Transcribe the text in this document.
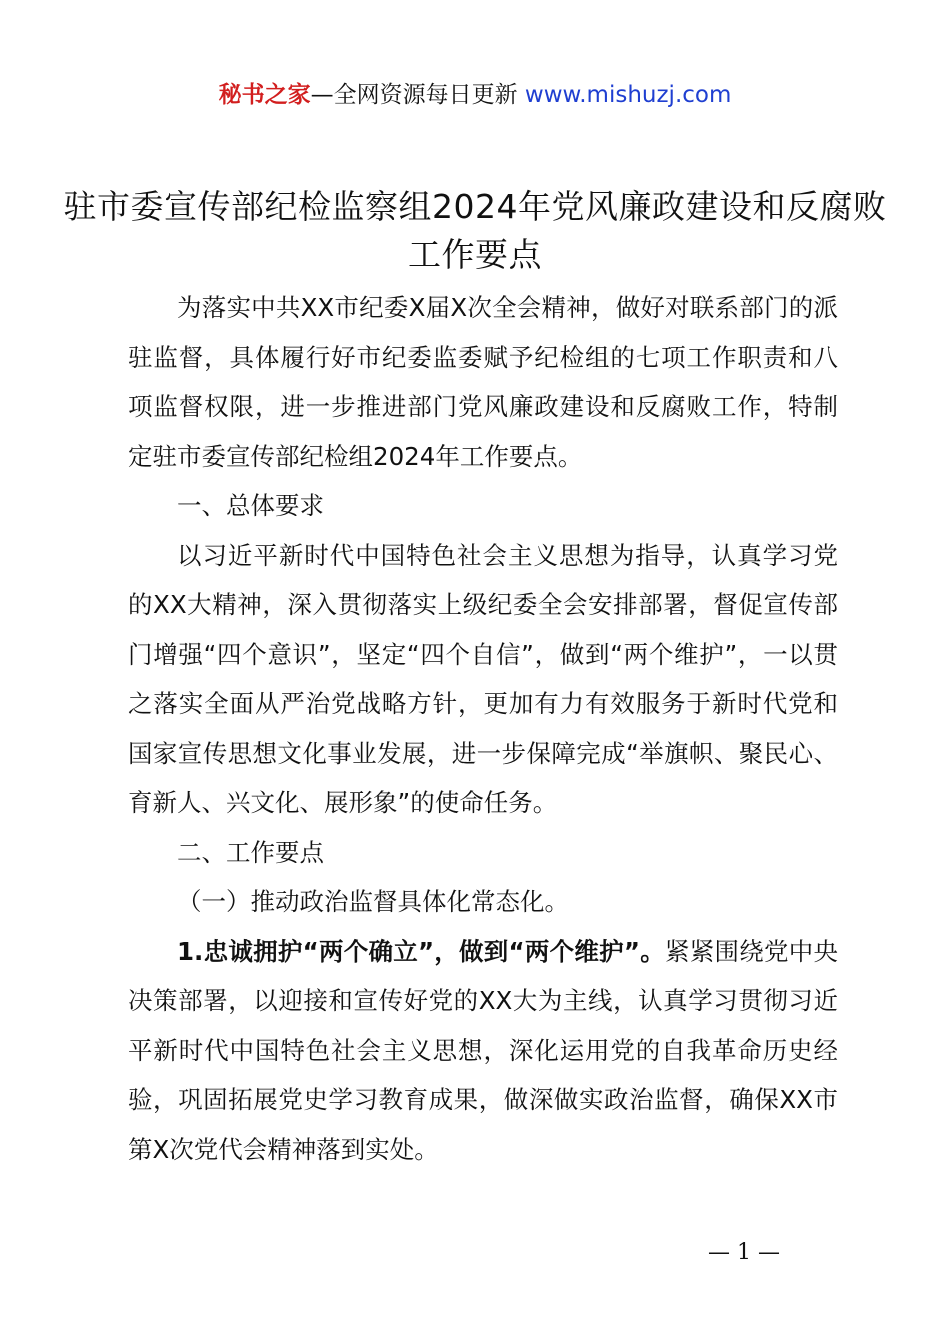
秘书之家—全网资源每日更新 www.mishuzj.com
驻市委宣传部纪检监察组2024年党风廉政建设和反腐败工作要点

为落实中共XX市纪委X届X次全会精神，做好对联系部门的派驻监督，具体履行好市纪委监委赋予纪检组的七项工作职责和八项监督权限，进一步推进部门党风廉政建设和反腐败工作，特制定驻市委宣传部纪检组2024年工作要点。

一、总体要求

以习近平新时代中国特色社会主义思想为指导，认真学习党的XX大精神，深入贯彻落实上级纪委全会安排部署，督促宣传部门增强“四个意识”，坚定“四个自信”，做到“两个维护”，一以贯之落实全面从严治党战略方针，更加有力有效服务于新时代党和国家宣传思想文化事业发展，进一步保障完成“举旗帜、聚民心、育新人、兴文化、展形象”的使命任务。

二、工作要点

（一）推动政治监督具体化常态化。

1.忠诚拥护“两个确立”，做到“两个维护”。紧紧围绕党中央决策部署，以迎接和宣传好党的XX大为主线，认真学习贯彻习近平新时代中国特色社会主义思想，深化运用党的自我革命历史经验，巩固拓展党史学习教育成果，做深做实政治监督，确保XX市第X次党代会精神落到实处。

— 1 —
